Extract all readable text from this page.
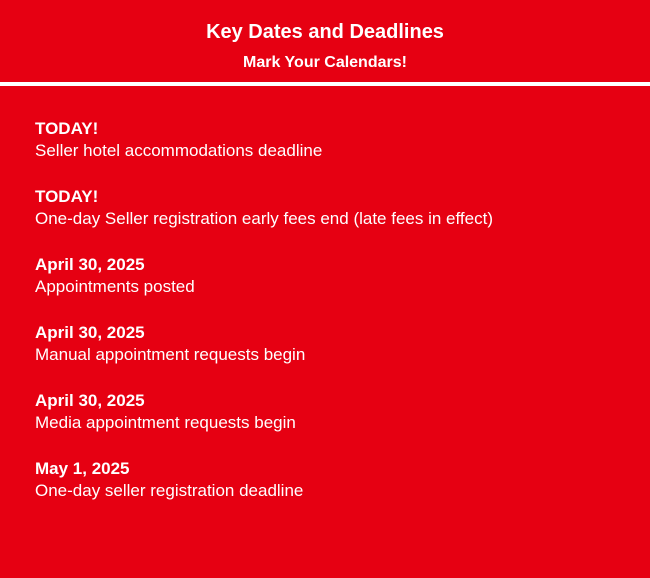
Key Dates and Deadlines
Mark Your Calendars!
TODAY!
Seller hotel accommodations deadline
TODAY!
One-day Seller registration early fees end (late fees in effect)
April 30, 2025
Appointments posted
April 30, 2025
Manual appointment requests begin
April 30, 2025
Media appointment requests begin
May 1, 2025
One-day seller registration deadline
